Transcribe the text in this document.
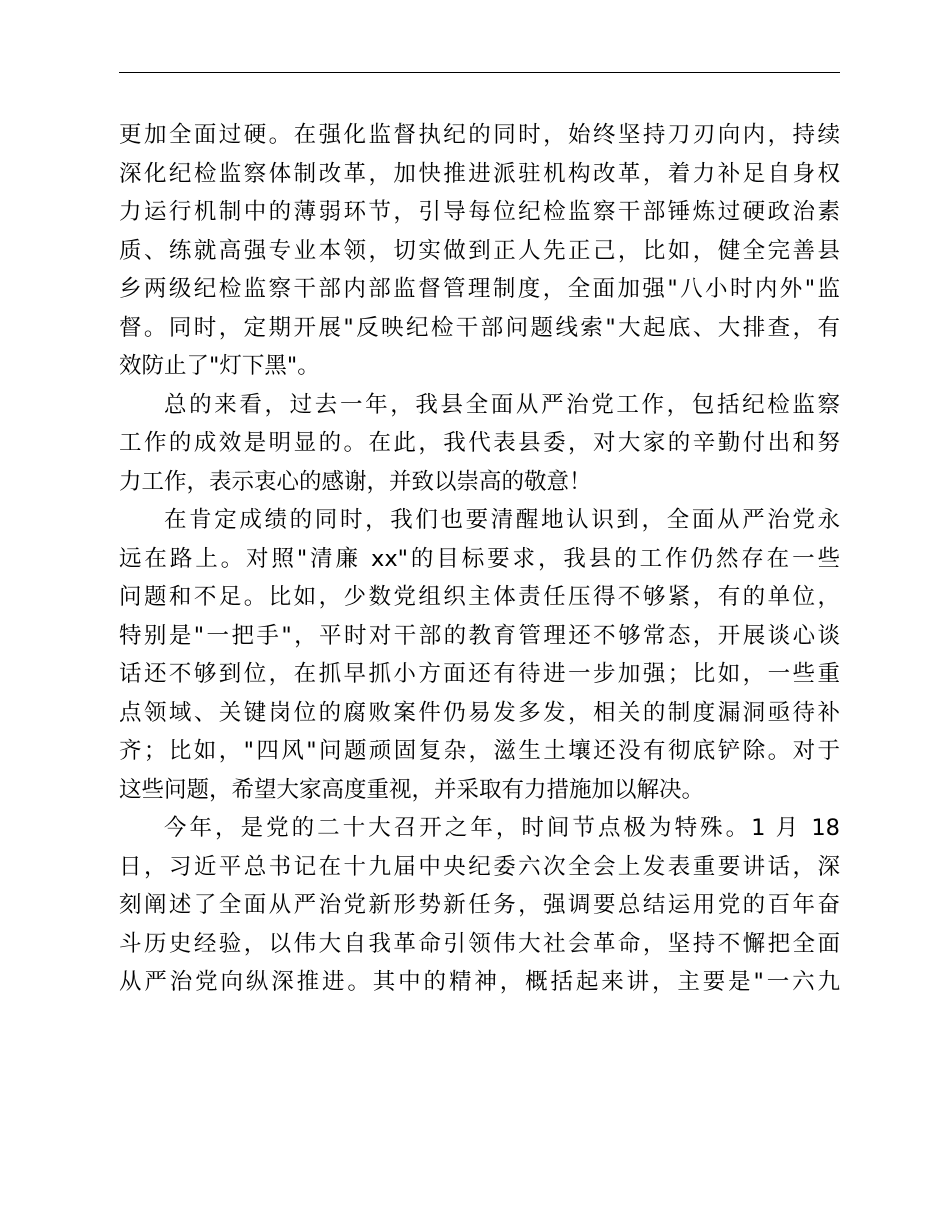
更加全面过硬。在强化监督执纪的同时，始终坚持刀刃向内，持续
深化纪检监察体制改革，加快推进派驻机构改革，着力补足自身权
力运行机制中的薄弱环节，引导每位纪检监察干部锤炼过硬政治素
质、练就高强专业本领，切实做到正人先正己，比如，健全完善县
乡两级纪检监察干部内部监督管理制度，全面加强"八小时内外"监
督。同时，定期开展"反映纪检干部问题线索"大起底、大排查，有
效防止了"灯下黑"。
总的来看，过去一年，我县全面从严治党工作，包括纪检监察
工作的成效是明显的。在此，我代表县委，对大家的辛勤付出和努
力工作，表示衷心的感谢，并致以崇高的敬意！
在肯定成绩的同时，我们也要清醒地认识到，全面从严治党永
远在路上。对照"清廉 xx"的目标要求，我县的工作仍然存在一些
问题和不足。比如，少数党组织主体责任压得不够紧，有的单位，
特别是"一把手"，平时对干部的教育管理还不够常态，开展谈心谈
话还不够到位，在抓早抓小方面还有待进一步加强；比如，一些重
点领域、关键岗位的腐败案件仍易发多发，相关的制度漏洞亟待补
齐；比如，"四风"问题顽固复杂，滋生土壤还没有彻底铲除。对于
这些问题，希望大家高度重视，并采取有力措施加以解决。
今年，是党的二十大召开之年，时间节点极为特殊。1 月 18
日，习近平总书记在十九届中央纪委六次全会上发表重要讲话，深
刻阐述了全面从严治党新形势新任务，强调要总结运用党的百年奋
斗历史经验，以伟大自我革命引领伟大社会革命，坚持不懈把全面
从严治党向纵深推进。其中的精神，概括起来讲，主要是"一六九
